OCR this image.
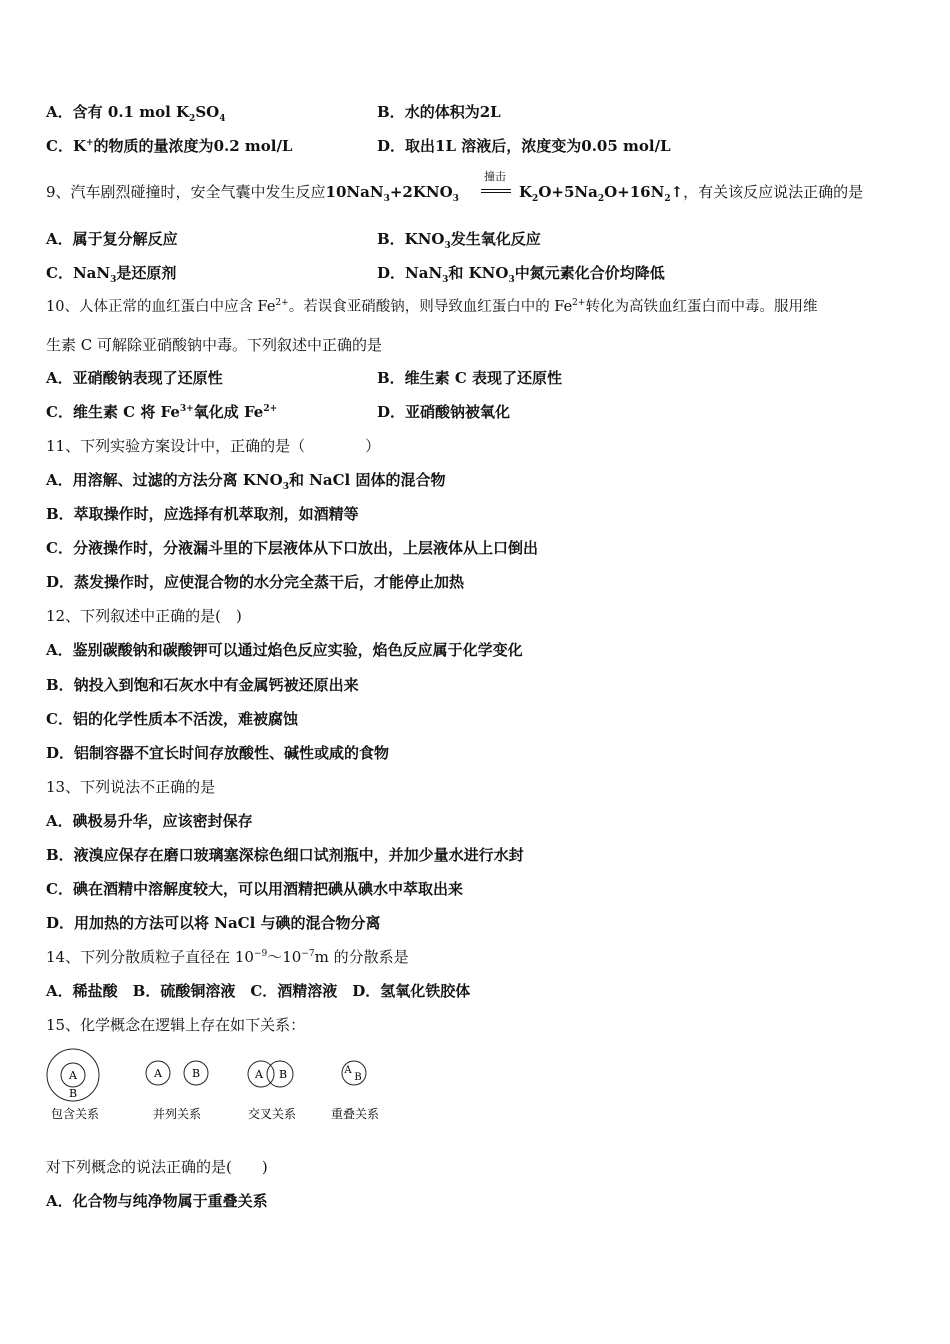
A．含有 0.1 mol $K_2SO_4$	B．水的体积为2L
C．K+的物质的量浓度为0.2 mol/L	D．取出1L 溶液后，浓度变为0.05 mol/L
9、汽车剧烈碰撞时，安全气囊中发生反应$10NaN_3+2KNO_3$
撞击
$K_2O+5Na_2O+16N_2↑$，有关该反应说法正确的是
A．属于复分解反应	B．$KNO_3$发生氧化反应
C．NaN$_3$是还原剂	D．NaN$_3$和 $KNO_3$中氮元素化合价均降低
10、人体正常的血红蛋白中应含 $Fe^{2+}$。若误食亚硝酸钠，则导致血红蛋白中的 $Fe^{2+}$转化为高铁血红蛋白而中毒。服用维
生素 C 可解除亚硝酸钠中毒。下列叙述中正确的是
A．亚硝酸钠表现了还原性	B．维生素 C 表现了还原性
C．维生素 C 将 $Fe^{3+}$氧化成 $Fe^{2+}$	D．亚硝酸钠被氧化
11、下列实验方案设计中，正确的是（　　　　）
A．用溶解、过滤的方法分离 $KNO_3$和 NaCl 固体的混合物
B．萃取操作时，应选择有机萃取剂，如酒精等
C．分液操作时，分液漏斗里的下层液体从下口放出，上层液体从上口倒出
D．蒸发操作时，应使混合物的水分完全蒸干后，才能停止加热
12、下列叙述中正确的是(　)
A．鉴别碳酸钠和碳酸钾可以通过焰色反应实验，焰色反应属于化学变化
B．钠投入到饱和石灰水中有金属钙被还原出来
C．铝的化学性质本不活泼，难被腐蚀
D．铝制容器不宜长时间存放酸性、碱性或咸的食物
13、下列说法不正确的是
A．碘极易升华，应该密封保存
B．液溴应保存在磨口玻璃塞深棕色细口试剂瓶中，并加少量水进行水封
C．碘在酒精中溶解度较大，可以用酒精把碘从碘水中萃取出来
D．用加热的方法可以将 NaCl 与碘的混合物分离
14、下列分散质粒子直径在 $10^{-9}\sim 10^{-7}m$ 的分散系是
A．稀盐酸　B．硫酸铜溶液　C．酒精溶液　D．氢氧化铁胶体
15、化学概念在逻辑上存在如下关系：
A
B
包含关系
A	B
并列关系
A B
交叉关系
A
B
重叠关系
对下列概念的说法正确的是(　　)
A．化合物与纯净物属于重叠关系
